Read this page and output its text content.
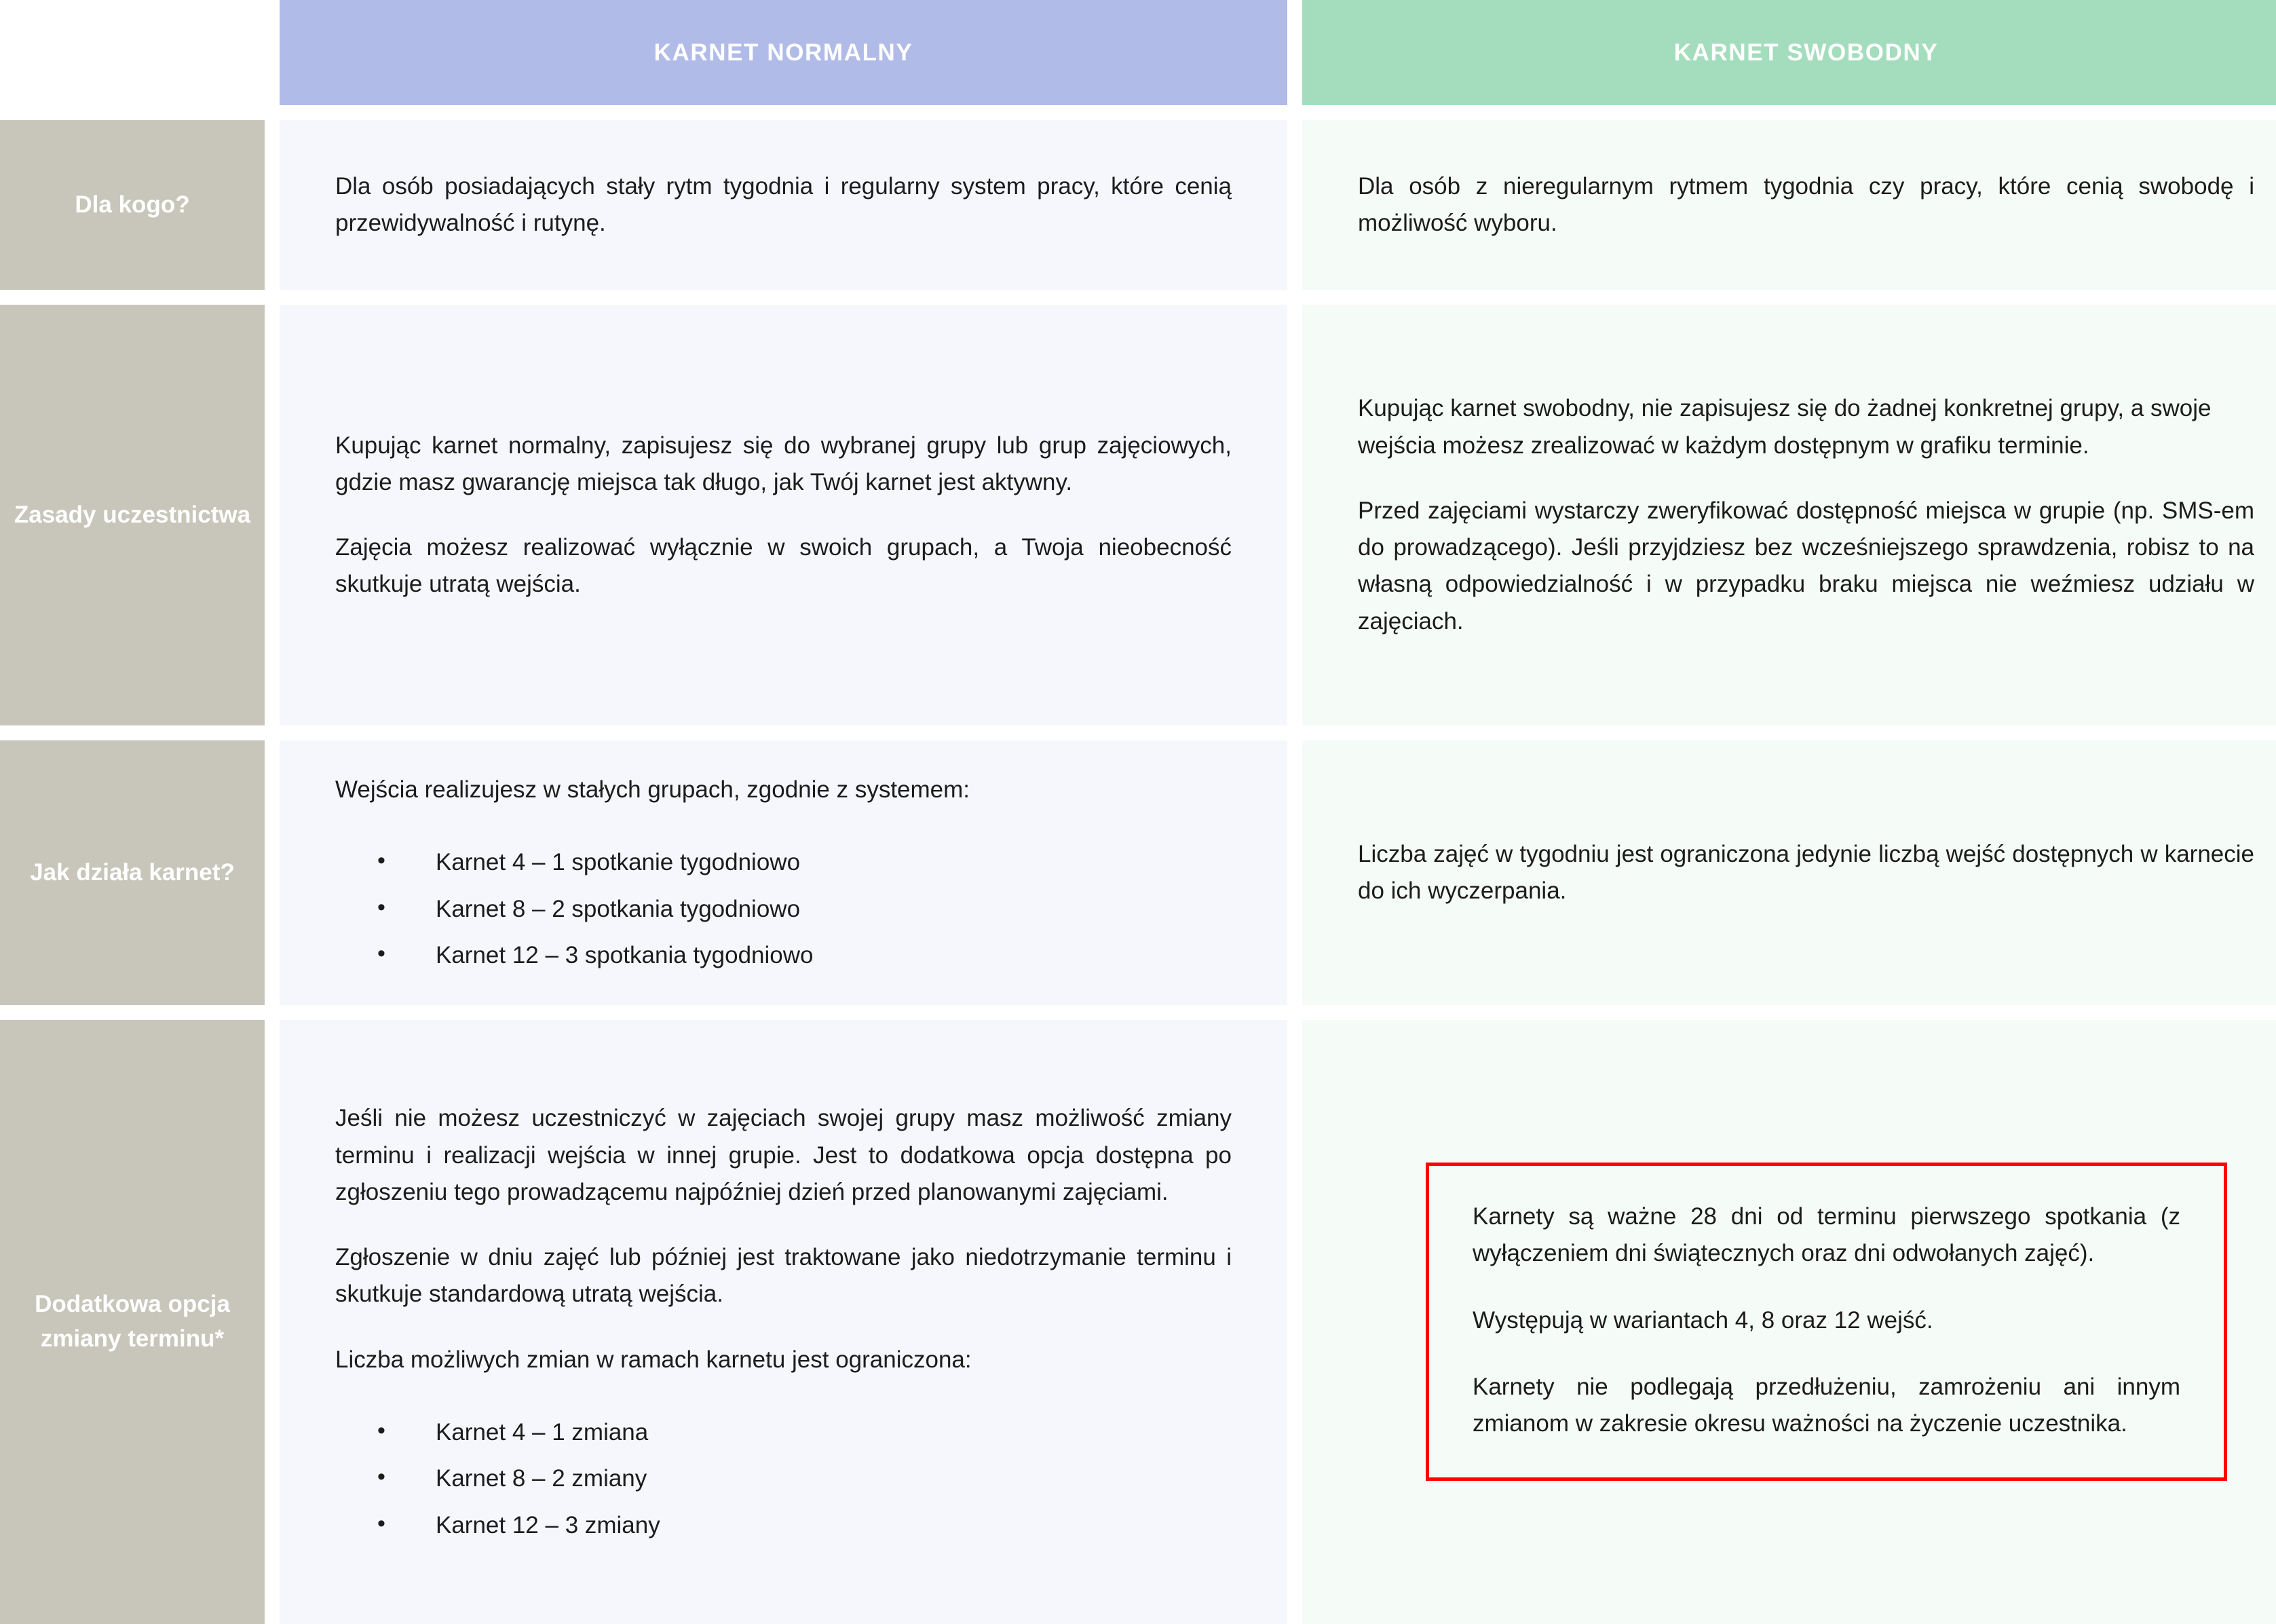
KARNET NORMALNY	KARNET SWOBODNY
Dla kogo?

Dla osób posiadających stały rytm tygodnia i regularny system pracy, które cenią przewidywalność i rutynę.

Dla osób z nieregularnym rytmem tygodnia czy pracy, które cenią swobodę i możliwość wyboru.

Zasady uczestnictwa

Kupując karnet normalny, zapisujesz się do wybranej grupy lub grup zajęciowych, gdzie masz gwarancję miejsca tak długo, jak Twój karnet jest aktywny.

Zajęcia możesz realizować wyłącznie w swoich grupach, a Twoja nieobecność skutkuje utratą wejścia.

Kupując karnet swobodny, nie zapisujesz się do żadnej konkretnej grupy, a swoje wejścia możesz zrealizować w każdym dostępnym w grafiku terminie.

Przed zajęciami wystarczy zweryfikować dostępność miejsca w grupie (np. SMS-em do prowadzącego). Jeśli przyjdziesz bez wcześniejszego sprawdzenia, robisz to na własną odpowiedzialność i w przypadku braku miejsca nie weźmiesz udziału w zajęciach.

Jak działa karnet?

Wejścia realizujesz w stałych grupach, zgodnie z systemem:

• Karnet 4 – 1 spotkanie tygodniowo
• Karnet 8 – 2 spotkania tygodniowo
• Karnet 12 – 3 spotkania tygodniowo

Liczba zajęć w tygodniu jest ograniczona jedynie liczbą wejść dostępnych w karnecie do ich wyczerpania.

Dodatkowa opcja zmiany terminu*

Jeśli nie możesz uczestniczyć w zajęciach swojej grupy masz możliwość zmiany terminu i realizacji wejścia w innej grupie. Jest to dodatkowa opcja dostępna po zgłoszeniu tego prowadzącemu najpóźniej dzień przed planowanymi zajęciami.

Zgłoszenie w dniu zajęć lub później jest traktowane jako niedotrzymanie terminu i skutkuje standardową utratą wejścia.

Liczba możliwych zmian w ramach karnetu jest ograniczona:

• Karnet 4 – 1 zmiana
• Karnet 8 – 2 zmiany
• Karnet 12 – 3 zmiany

Karnety są ważne 28 dni od terminu pierwszego spotkania (z wyłączeniem dni świątecznych oraz dni odwołanych zajęć).

Występują w wariantach 4, 8 oraz 12 wejść.

Karnety nie podlegają przedłużeniu, zamrożeniu ani innym zmianom w zakresie okresu ważności na życzenie uczestnika.
